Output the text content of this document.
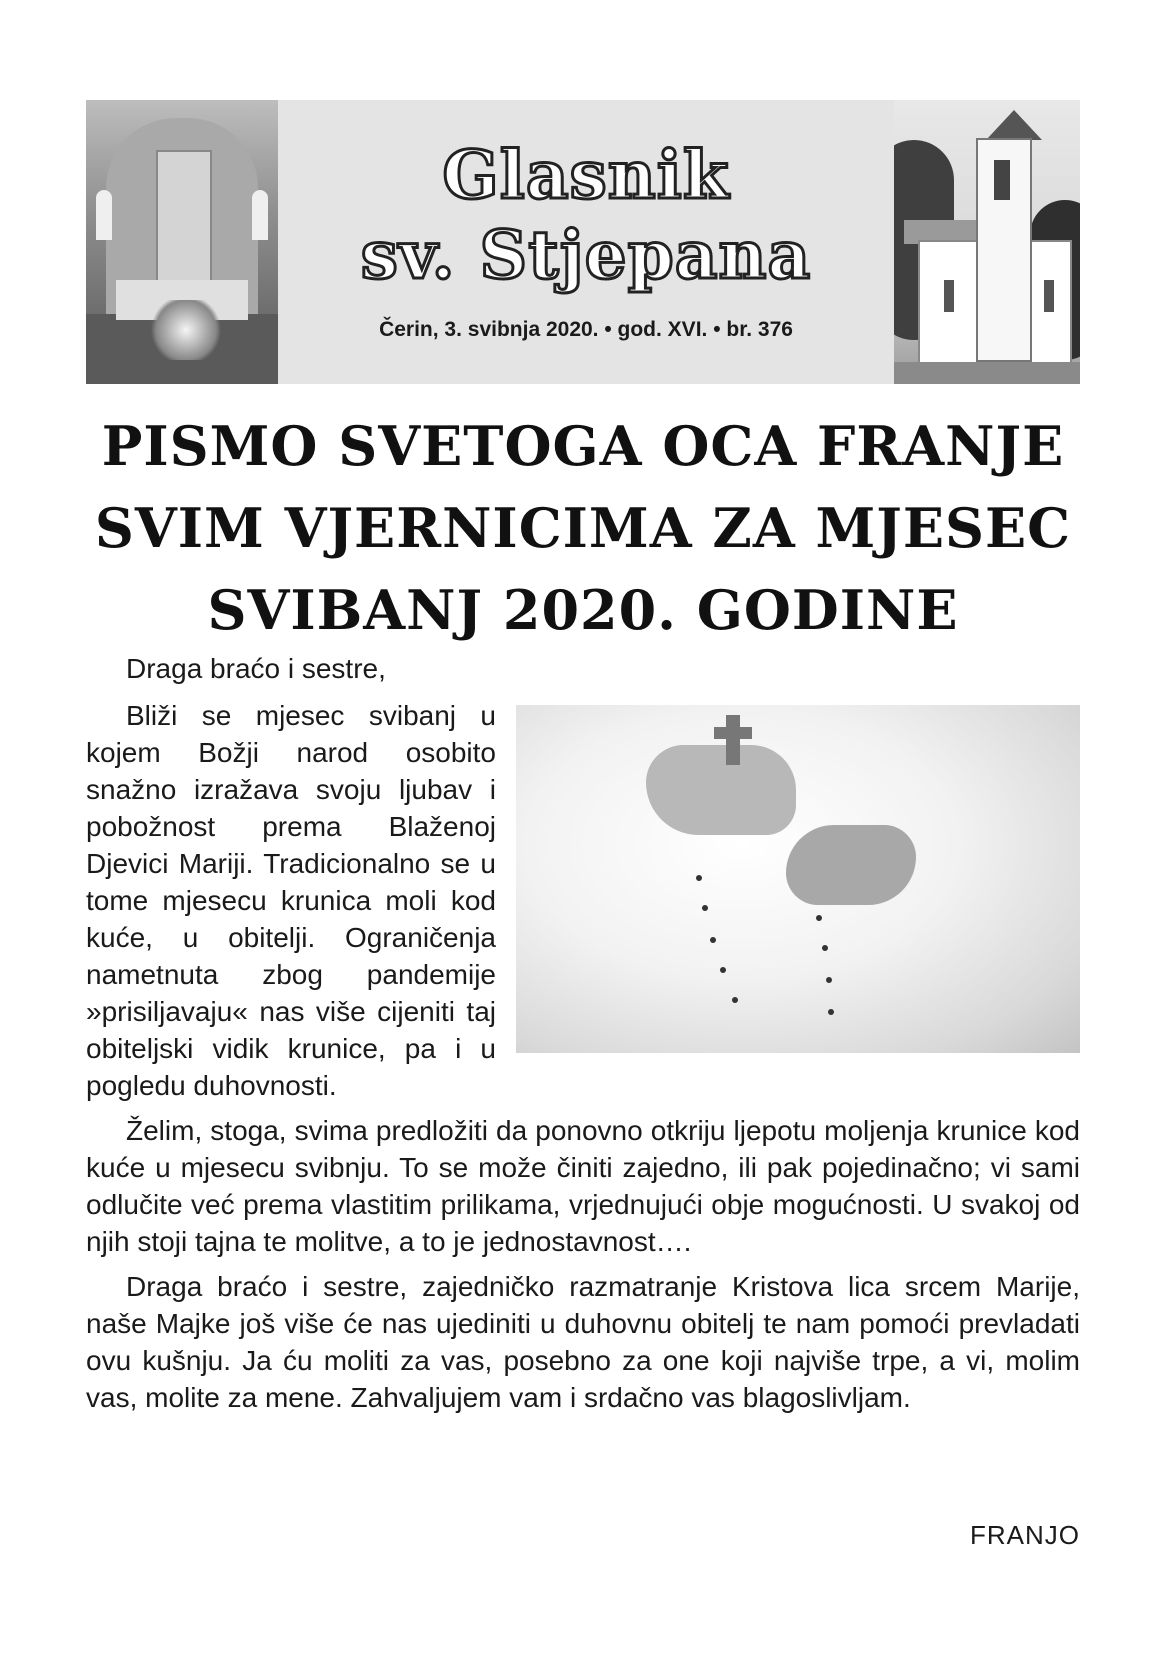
Glasnik
sv. Stjepana
Čerin, 3. svibnja 2020. • god. XVI. • br. 376
PISMO SVETOGA OCA FRANJE
SVIM VJERNICIMA ZA MJESEC
SVIBANJ 2020. GODINE

Draga braćo i sestre,

Bliži se mjesec svibanj u kojem Božji narod osobito snažno izražava svoju ljubav i pobožnost prema Blaženoj Djevici Mariji. Tradicionalno se u tome mjesecu krunica moli kod kuće, u obitelji. Ograničenja nametnuta zbog pandemije »prisiljavaju« nas više cijeniti taj obiteljski vidik krunice, pa i u pogledu duhovnosti.

Želim, stoga, svima predložiti da ponovno otkriju ljepotu moljenja krunice kod kuće u mjesecu svibnju. To se može činiti zajedno, ili pak pojedinačno; vi sami odlučite već prema vlastitim prilikama, vrjednujući obje mogućnosti. U svakoj od njih stoji tajna te molitve, a to je jednostavnost….

Draga braćo i sestre, zajedničko razmatranje Kristova lica srcem Marije, naše Majke još više će nas ujediniti u duhovnu obitelj te nam pomoći prevladati ovu kušnju. Ja ću moliti za vas, posebno za one koji najviše trpe, a vi, molim vas, molite za mene. Zahvaljujem vam i srdačno vas blagoslivljam.

FRANJO
